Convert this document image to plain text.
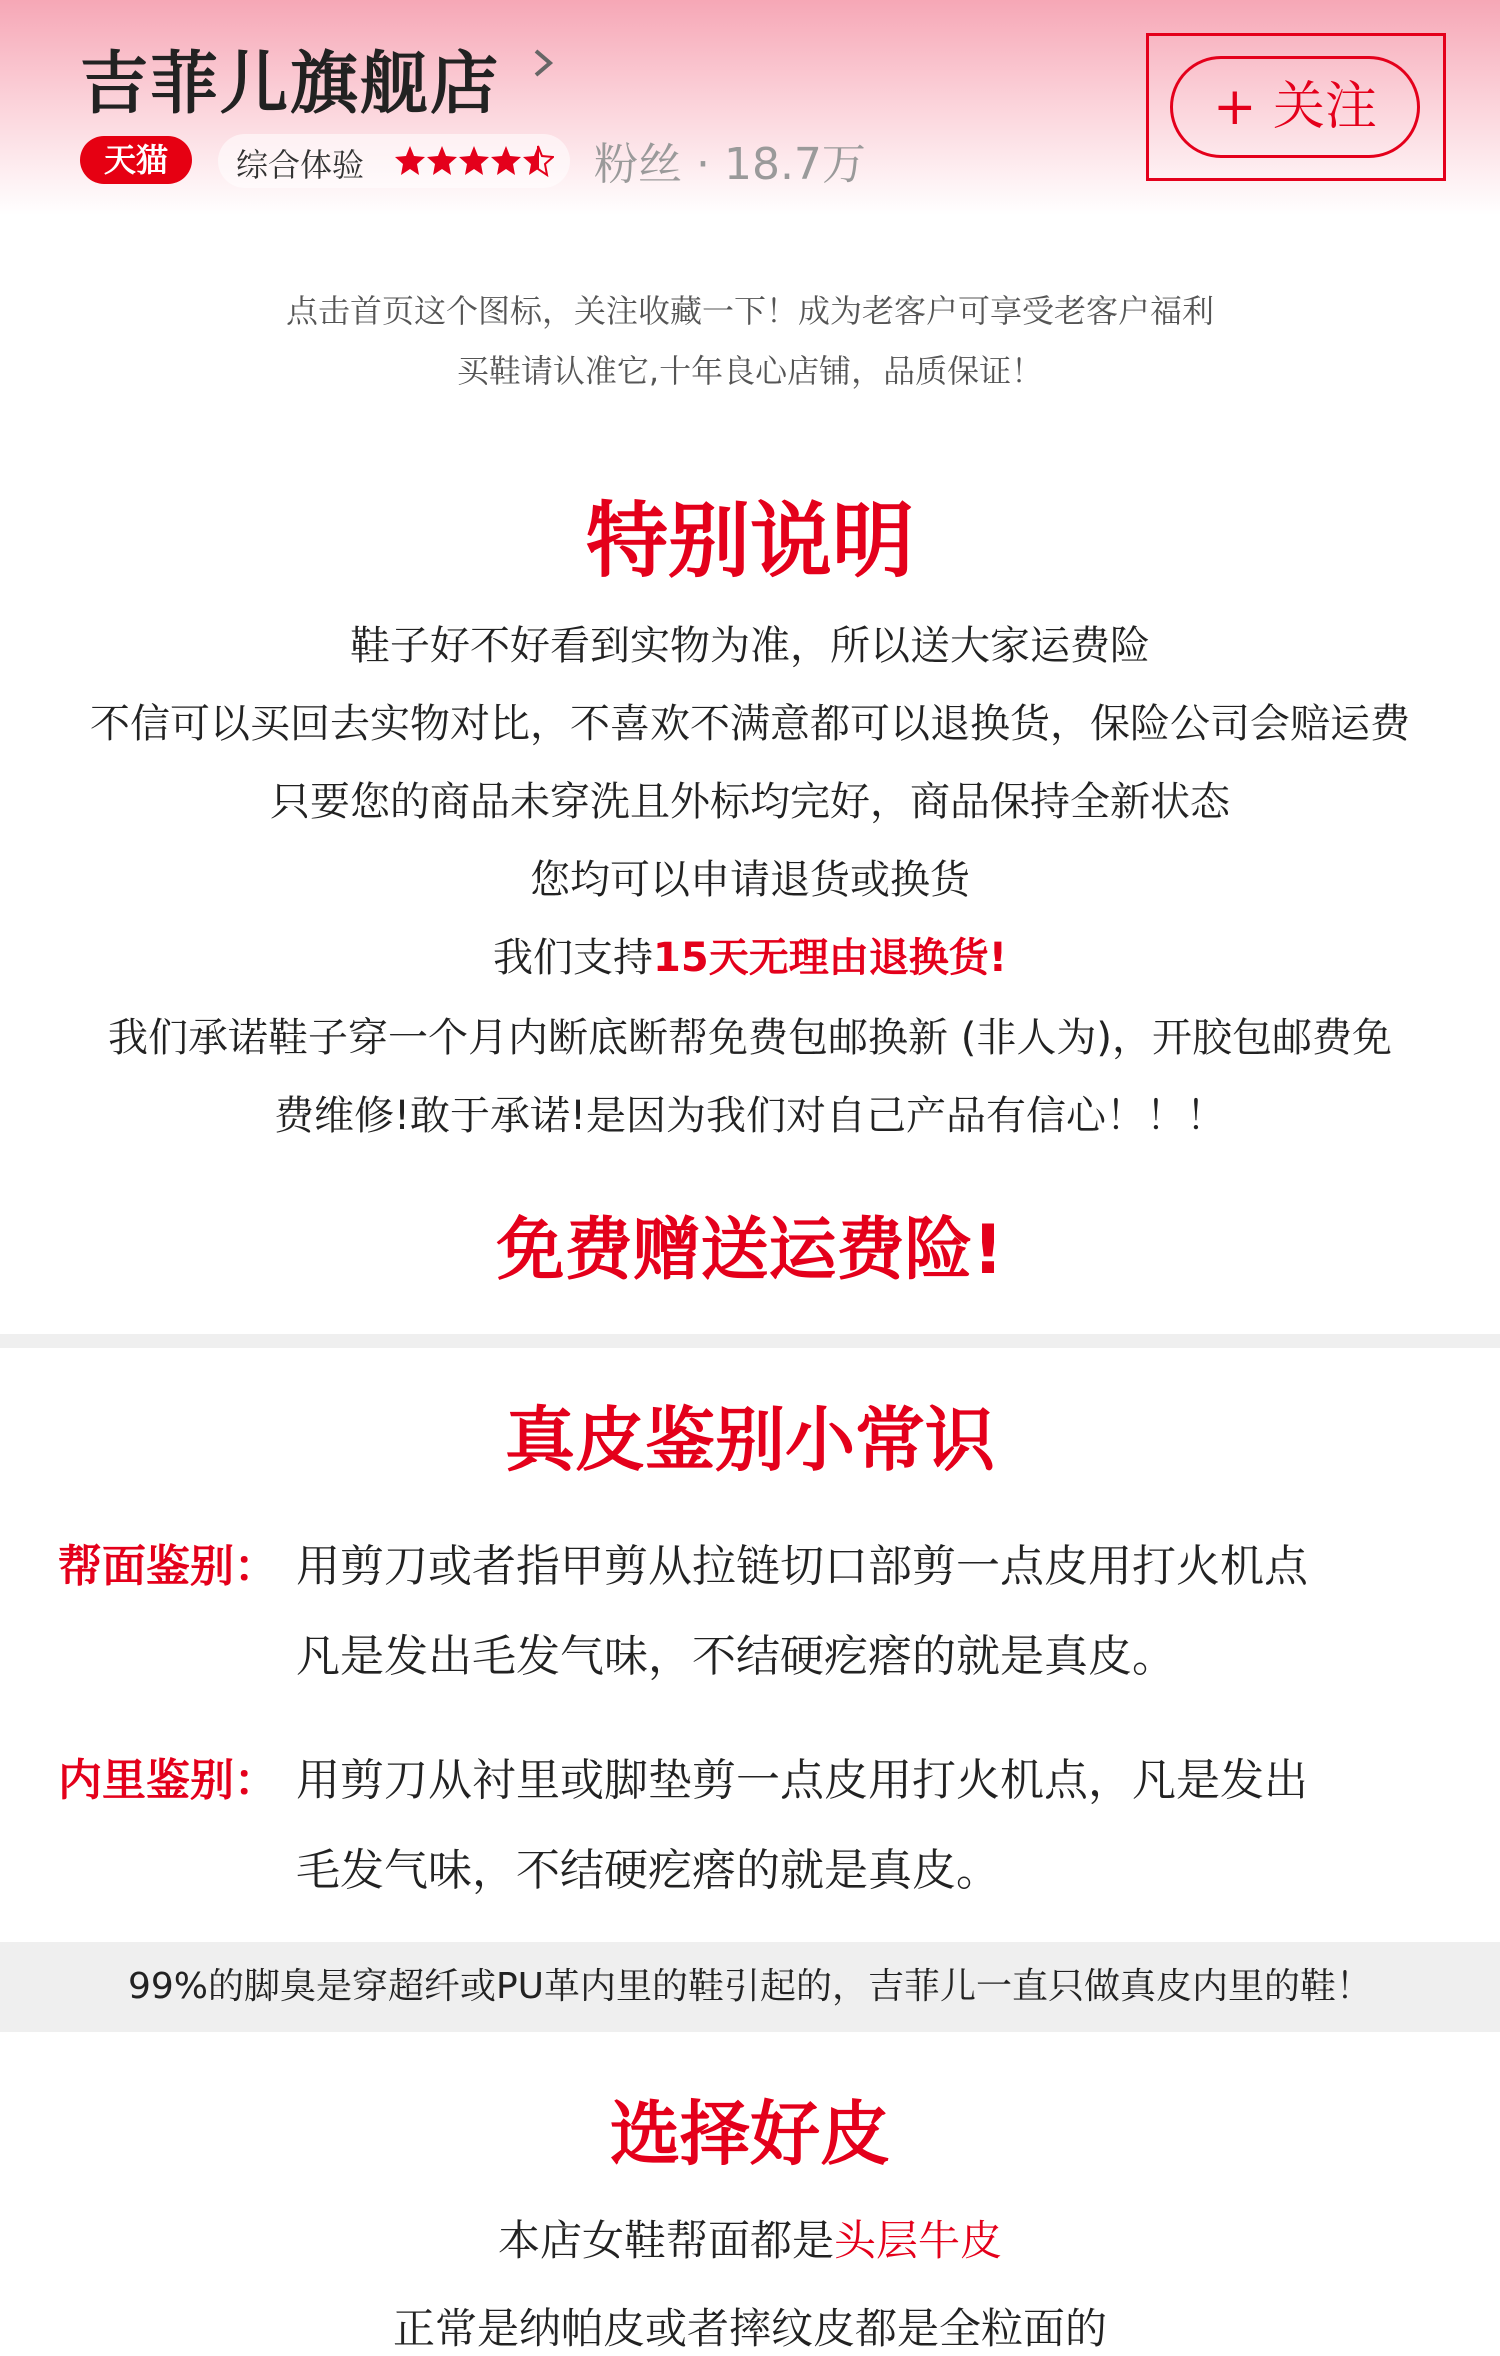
吉菲儿旗舰店
天猫	综合体验	粉丝 · 18.7万
+ 关注
点击首页这个图标，关注收藏一下！成为老客户可享受老客户福利
买鞋请认准它,十年良心店铺，品质保证！
特别说明
鞋子好不好看到实物为准，所以送大家运费险
不信可以买回去实物对比，不喜欢不满意都可以退换货，保险公司会赔运费
只要您的商品未穿洗且外标均完好，商品保持全新状态
您均可以申请退货或换货
我们支持15天无理由退换货!
我们承诺鞋子穿一个月内断底断帮免费包邮换新 (非人为)，开胶包邮费免
费维修!敢于承诺!是因为我们对自己产品有信心！！！
免费赠送运费险!
真皮鉴别小常识
帮面鉴别： 用剪刀或者指甲剪从拉链切口部剪一点皮用打火机点
凡是发出毛发气味，不结硬疙瘩的就是真皮。
内里鉴别： 用剪刀从衬里或脚垫剪一点皮用打火机点，凡是发出
毛发气味，不结硬疙瘩的就是真皮。
99%的脚臭是穿超纤或PU革内里的鞋引起的，吉菲儿一直只做真皮内里的鞋！
选择好皮
本店女鞋帮面都是头层牛皮
正常是纳帕皮或者摔纹皮都是全粒面的
